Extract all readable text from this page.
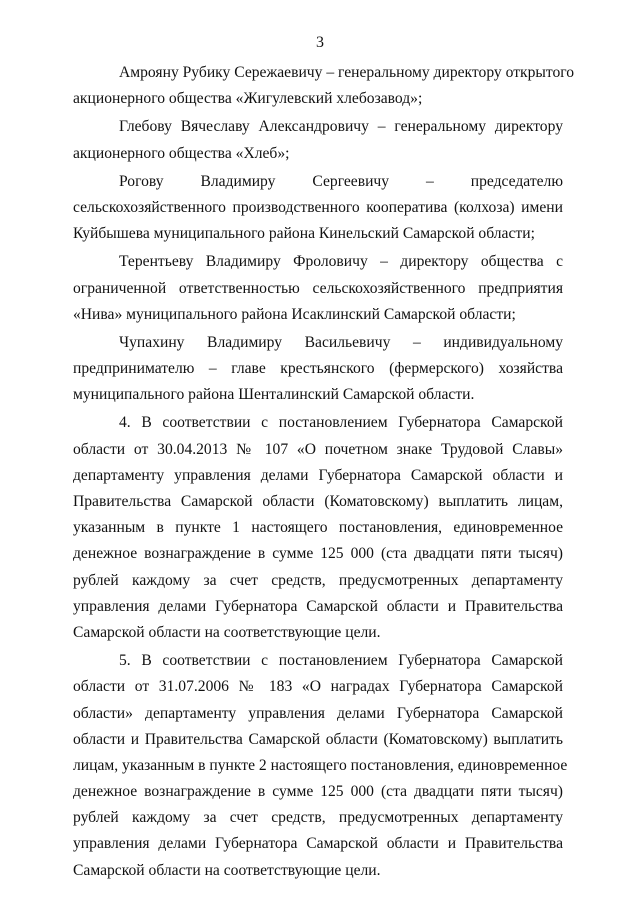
3
Амрояну Рубику Сережаевичу – генеральному директору открытого
акционерного общества «Жигулевский хлебозавод»;
Глебову Вячеславу Александровичу – генеральному директору
акционерного общества «Хлеб»;
Рогову Владимиру Сергеевичу – председателю
сельскохозяйственного производственного кооператива (колхоза) имени
Куйбышева муниципального района Кинельский Самарской области;
Терентьеву Владимиру Фроловичу – директору общества с
ограниченной ответственностью сельскохозяйственного предприятия
«Нива» муниципального района Исаклинский Самарской области;
Чупахину Владимиру Васильевичу – индивидуальному
предпринимателю – главе крестьянского (фермерского) хозяйства
муниципального района Шенталинский Самарской области.
4. В соответствии с постановлением Губернатора Самарской
области от 30.04.2013 № 107 «О почетном знаке Трудовой Славы»
департаменту управления делами Губернатора Самарской области и
Правительства Самарской области (Коматовскому) выплатить лицам,
указанным в пункте 1 настоящего постановления, единовременное
денежное вознаграждение в сумме 125 000 (ста двадцати пяти тысяч)
рублей каждому за счет средств, предусмотренных департаменту
управления делами Губернатора Самарской области и Правительства
Самарской области на соответствующие цели.
5. В соответствии с постановлением Губернатора Самарской
области от 31.07.2006 № 183 «О наградах Губернатора Самарской
области» департаменту управления делами Губернатора Самарской
области и Правительства Самарской области (Коматовскому) выплатить
лицам, указанным в пункте 2 настоящего постановления, единовременное
денежное вознаграждение в сумме 125 000 (ста двадцати пяти тысяч)
рублей каждому за счет средств, предусмотренных департаменту
управления делами Губернатора Самарской области и Правительства
Самарской области на соответствующие цели.
